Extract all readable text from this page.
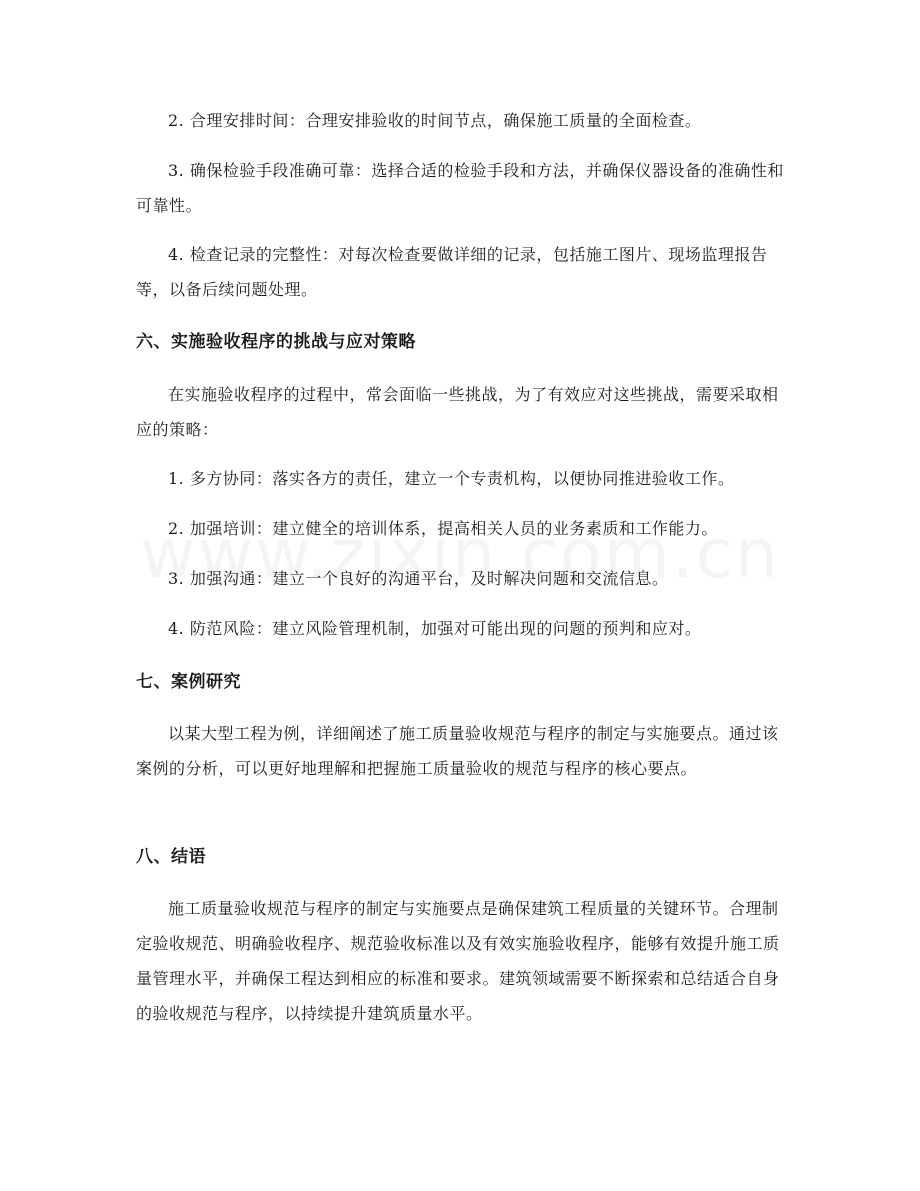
2. 合理安排时间：合理安排验收的时间节点，确保施工质量的全面检查。

3. 确保检验手段准确可靠：选择合适的检验手段和方法，并确保仪器设备的准确性和可靠性。

4. 检查记录的完整性：对每次检查要做详细的记录，包括施工图片、现场监理报告等，以备后续问题处理。

六、实施验收程序的挑战与应对策略

在实施验收程序的过程中，常会面临一些挑战，为了有效应对这些挑战，需要采取相应的策略：

1. 多方协同：落实各方的责任，建立一个专责机构，以便协同推进验收工作。

2. 加强培训：建立健全的培训体系，提高相关人员的业务素质和工作能力。

3. 加强沟通：建立一个良好的沟通平台，及时解决问题和交流信息。

4. 防范风险：建立风险管理机制，加强对可能出现的问题的预判和应对。

七、案例研究

以某大型工程为例，详细阐述了施工质量验收规范与程序的制定与实施要点。通过该案例的分析，可以更好地理解和把握施工质量验收的规范与程序的核心要点。

八、结语

施工质量验收规范与程序的制定与实施要点是确保建筑工程质量的关键环节。合理制定验收规范、明确验收程序、规范验收标准以及有效实施验收程序，能够有效提升施工质量管理水平，并确保工程达到相应的标准和要求。建筑领域需要不断探索和总结适合自身的验收规范与程序，以持续提升建筑质量水平。
